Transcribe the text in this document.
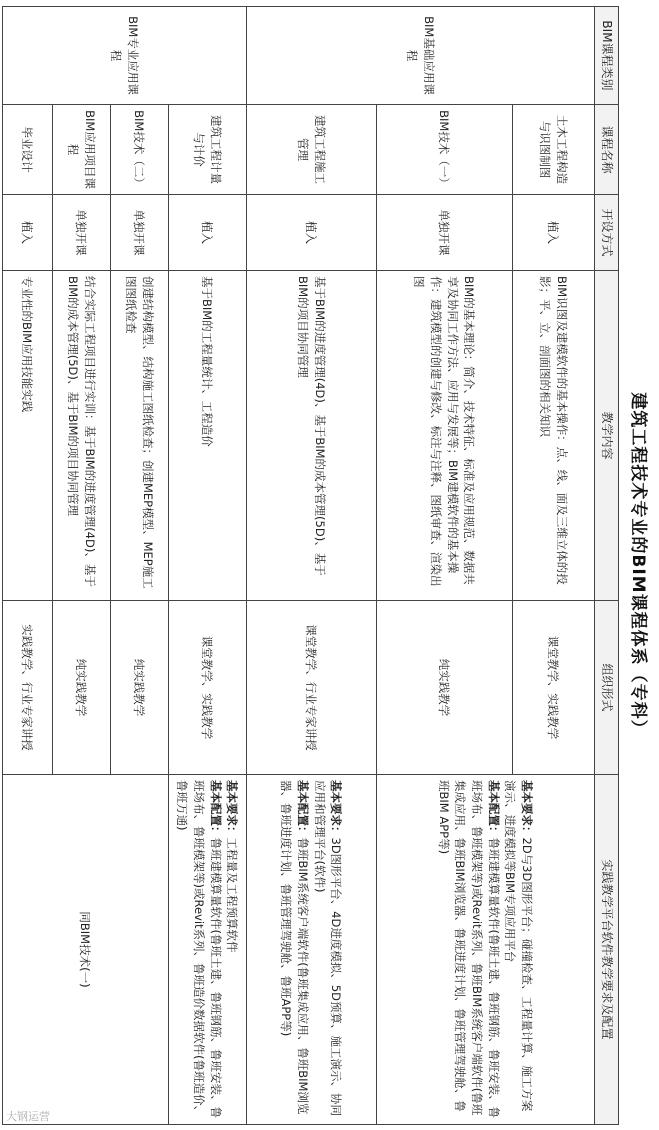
建筑工程技术专业的BIM课程体系（专科）
BIM课程类别	课程名称	开设方式	教学内容	组织形式	实践教学平台软件教学要求及配置
BIM基础应用课程	土木工程构造与识图制图	植入	BIM识图及建模软件的基本操作：点、线、面及三维立体的投影；平、立、剖面图的相关知识	课堂教学、实践教学	基本要求：2D与3D图形平台；碰撞检查、工程量计算、施工方案演示、进度模拟等BIM专项应用平台
基本配置：鲁班建模算量软件(鲁班土建、鲁班钢筋、鲁班安装、鲁班场布、鲁班模架等)或Revit系列、鲁班BIM系统客户端软件(鲁班集成应用、鲁班BIM浏览器、鲁班进度计划、鲁班管理驾驶舱、鲁班BIM APP等)
	BIM技术（一）	单独开课	BIM的基本理论：简介、技术特征、标准及应用规范、数据共享及协同工作方法、应用与发展等；BIM建模软件的基本操作：建筑模型的创建与修改、标注与注释、图纸审查、渲染出图	纯实践教学	
	建筑工程施工管理	植入	基于BIM的进度管理(4D)、基于BIM的成本管理(5D)、基于BIM的项目协同管理	课堂教学、行业专家讲授	基本要求：3D图形平台、4D进度模拟、5D预算、施工演示、协同应用和管理平台(软件)
基本配置：鲁班BIM系统客户端软件(鲁班集成应用、鲁班BIM浏览器、鲁班进度计划、鲁班管理驾驶舱、鲁班APP等)
BIM专业应用课程	建筑工程计量与计价	植入	基于BIM的工程量统计、工程造价	课堂教学、实践教学	基本要求：工程量及工程预算软件
基本配置：鲁班建模算量软件(鲁班土建、鲁班钢筋、鲁班安装、鲁班场布、鲁班模架等)或Revit系列、鲁班造价数据软件(鲁班造价、鲁班万通)
	BIM技术（二）	单独开课	创建结构模型、结构施工图纸检查；创建MEP模型、MEP施工图图纸检查	纯实践教学	同BIM技术(一)
	BIM应用项目课程	单独开课	结合实际工程项目进行实训：基于BIM的进度管理(4D)、基于BIM的成本管理(5D)、基于BIM的项目协同管理	纯实践教学	
	毕业设计	植入	专业性的BIM应用技能实践	实践教学、行业专家讲授	
大钢运营
